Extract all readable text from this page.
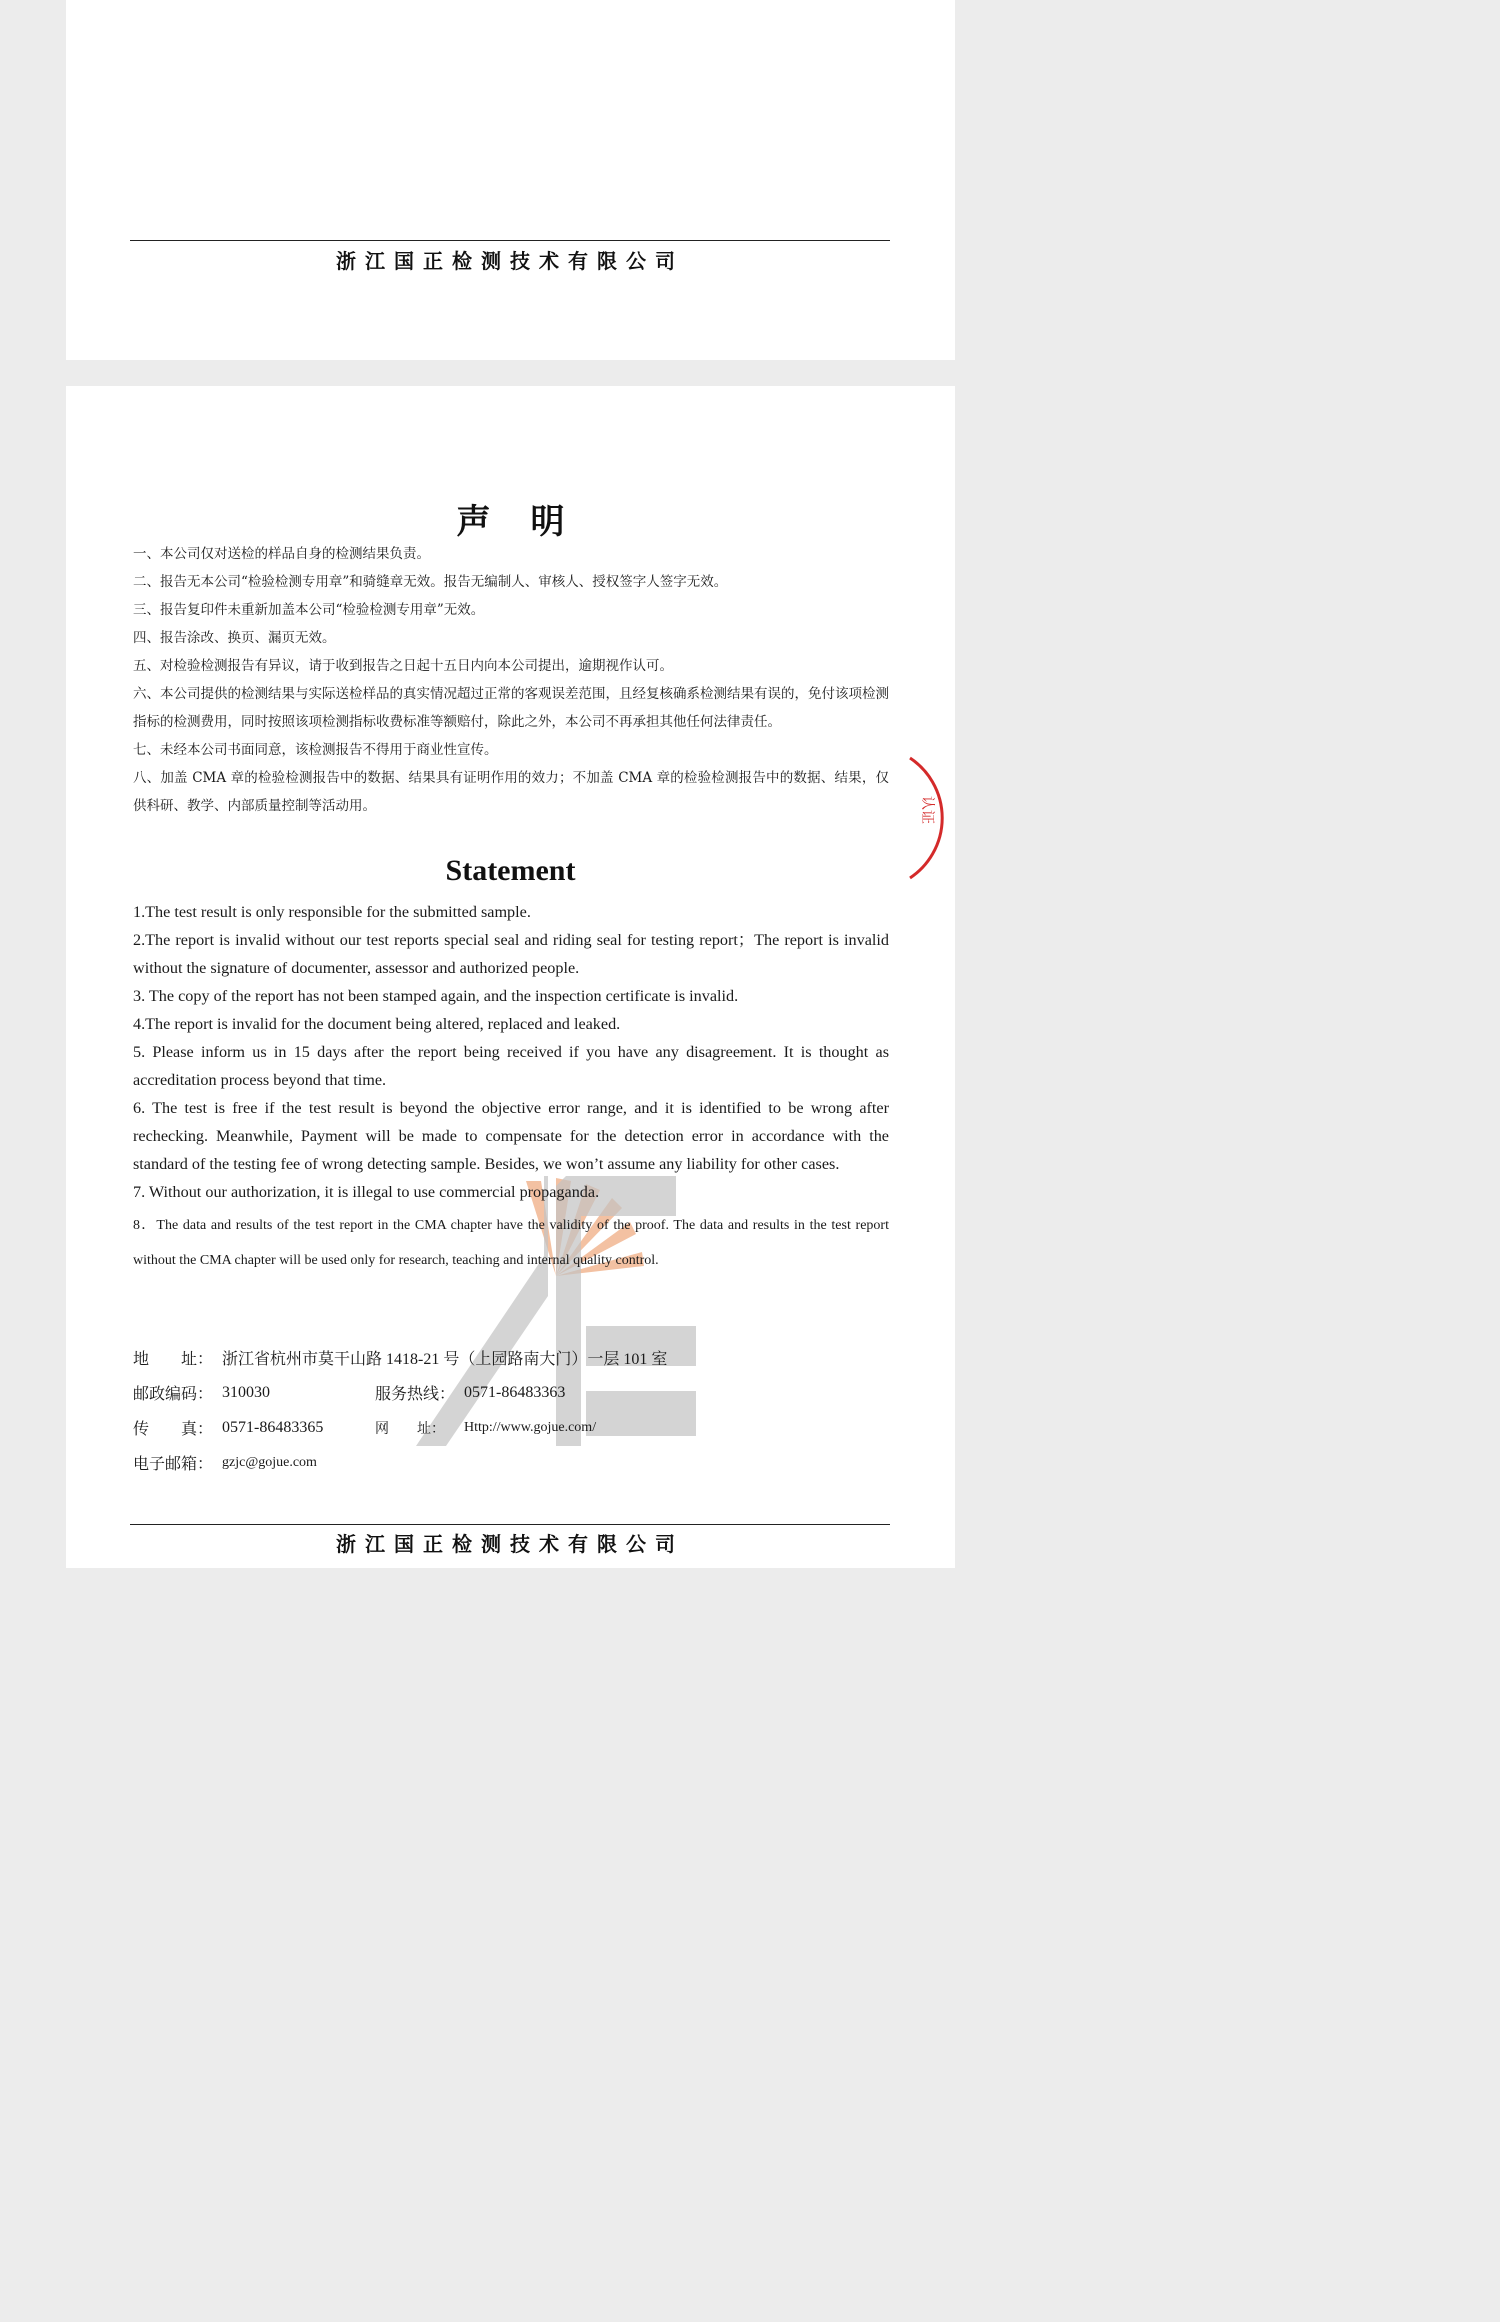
浙江国正检测技术有限公司
认证
声明
一、本公司仅对送检的样品自身的检测结果负责。
二、报告无本公司“检验检测专用章”和骑缝章无效。报告无编制人、审核人、授权签字人签字无效。
三、报告复印件未重新加盖本公司“检验检测专用章”无效。
四、报告涂改、换页、漏页无效。
五、对检验检测报告有异议，请于收到报告之日起十五日内向本公司提出，逾期视作认可。
六、本公司提供的检测结果与实际送检样品的真实情况超过正常的客观误差范围，且经复核确系检测结果有误的，免付该项检测指标的检测费用，同时按照该项检测指标收费标准等额赔付，除此之外，本公司不再承担其他任何法律责任。
七、未经本公司书面同意，该检测报告不得用于商业性宣传。
八、加盖 CMA 章的检验检测报告中的数据、结果具有证明作用的效力；不加盖 CMA 章的检验检测报告中的数据、结果，仅供科研、教学、内部质量控制等活动用。
Statement
1.The test result is only responsible for the submitted sample.
2.The report is invalid without our test reports special seal and riding seal for testing report；The report is invalid without the signature of documenter, assessor and authorized people.
3. The copy of the report has not been stamped again, and the inspection certificate is invalid.
4.The report is invalid for the document being altered, replaced and leaked.
5. Please inform us in 15 days after the report being received if you have any disagreement. It is thought as accreditation process beyond that time.
6. The test is free if the test result is beyond the objective error range, and it is identified to be wrong after rechecking. Meanwhile, Payment will be made to compensate for the detection error in accordance with the standard of the testing fee of wrong detecting sample. Besides, we won’t assume any liability for other cases.
7. Without our authorization, it is illegal to use commercial propaganda.
8．The data and results of the test report in the CMA chapter have the validity of the proof. The data and results in the test report without the CMA chapter will be used only for research, teaching and internal quality control.
地　　址： 浙江省杭州市莫干山路 1418-21 号（上园路南大门）一层 101 室
邮政编码： 310030	服务热线： 0571-86483363
传　　真： 0571-86483365	网　　址：	Http://www.gojue.com/
电子邮箱： gzjc@gojue.com
浙江国正检测技术有限公司
